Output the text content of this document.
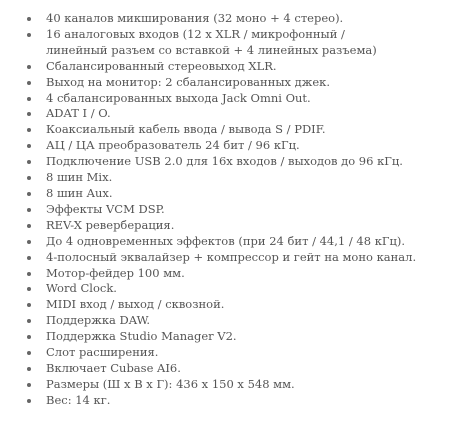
40 каналов микширования (32 моно + 4 стерео).
16 аналоговых входов (12 x XLR / микрофонный /
линейный разъем со вставкой + 4 линейных разъема)
Сбалансированный стереовыход XLR.
Выход на монитор: 2 сбалансированных джек.
4 сбалансированных выхода Jack Omni Out.
ADAT I / O.
Коаксиальный кабель ввода / вывода S / PDIF.
АЦ / ЦА преобразователь 24 бит / 96 кГц.
Подключение USB 2.0 для 16х входов / выходов до 96 кГц.
8 шин Mix.
8 шин Aux.
Эффекты VCM DSP.
REV-X реверберация.
До 4 одновременных эффектов (при 24 бит / 44,1 / 48 кГц).
4-полосный эквалайзер + компрессор и гейт на моно канал.
Мотор-фейдер 100 мм.
Word Clock.
MIDI вход / выход / сквозной.
Поддержка DAW.
Поддержка Studio Manager V2.
Слот расширения.
Включает Cubase AI6.
Размеры (Ш х В х Г): 436 x 150 x 548 мм.
Вес: 14 кг.
